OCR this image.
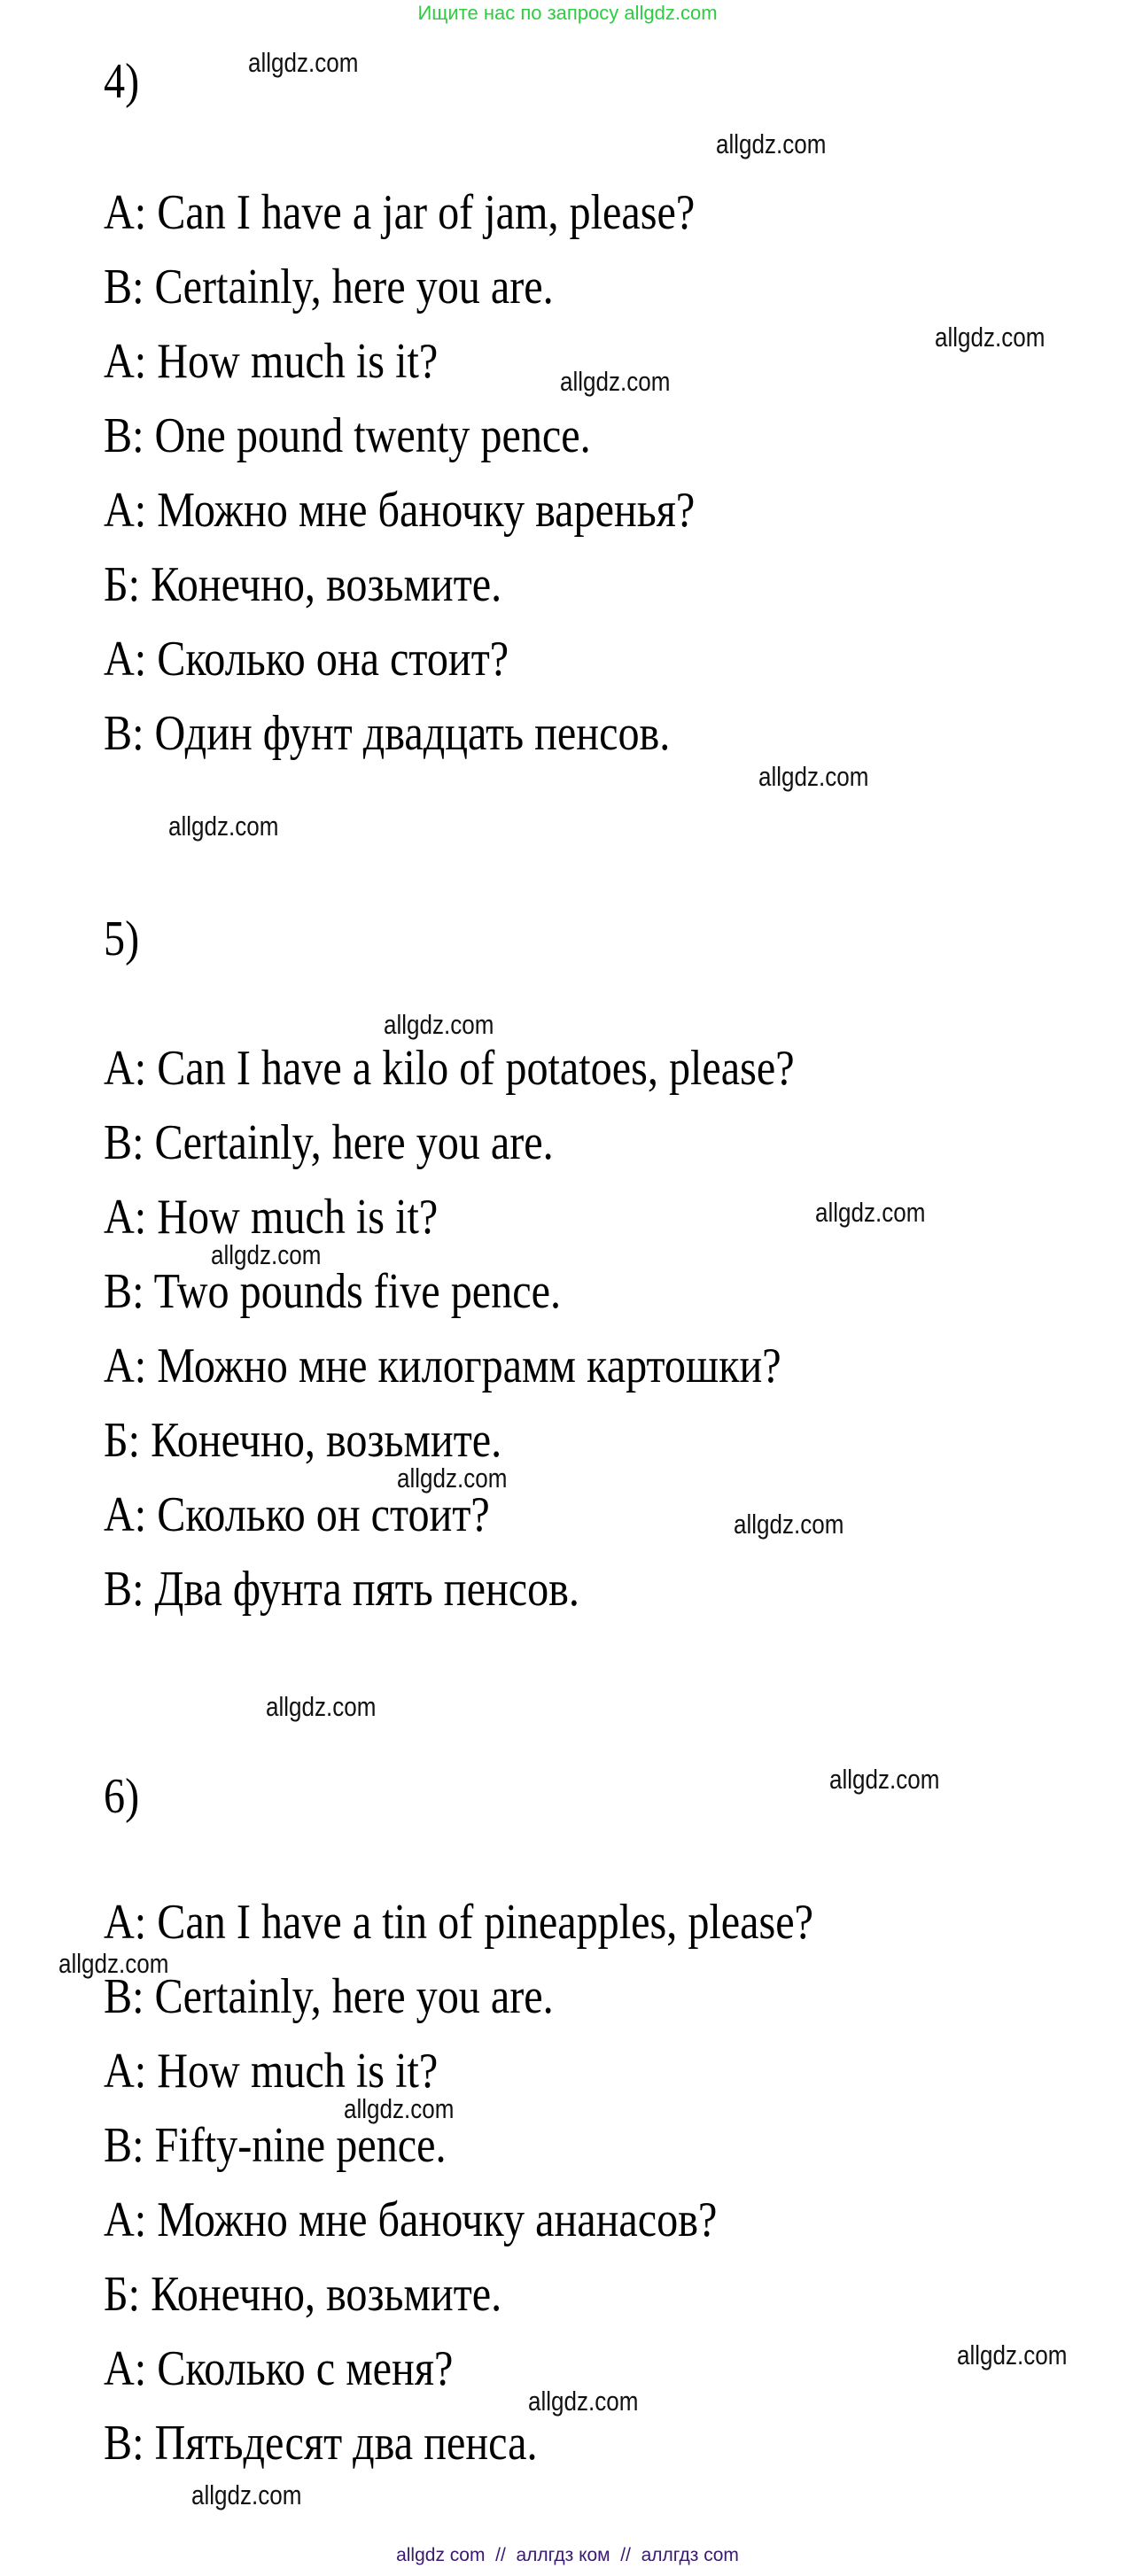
Ищите нас по запросу allgdz.com
4)
A: Can I have a jar of jam, please?
B: Certainly, here you are.
A: How much is it?
B: One pound twenty pence.
А: Можно мне баночку варенья?
Б: Конечно, возьмите.
А: Сколько она стоит?
В: Один фунт двадцать пенсов.
5)
A: Can I have a kilo of potatoes, please?
B: Certainly, here you are.
A: How much is it?
B: Two pounds five pence.
А: Можно мне килограмм картошки?
Б: Конечно, возьмите.
А: Сколько он стоит?
В: Два фунта пять пенсов.
6)
A: Can I have a tin of pineapples, please?
B: Certainly, here you are.
A: How much is it?
B: Fifty-nine pence.
А: Можно мне баночку ананасов?
Б: Конечно, возьмите.
А: Сколько с меня?
В: Пятьдесят два пенса.
allgdz.com
allgdz.com
allgdz.com
allgdz.com
allgdz.com
allgdz.com
allgdz.com
allgdz.com
allgdz.com
allgdz.com
allgdz.com
allgdz.com
allgdz.com
allgdz.com
allgdz.com
allgdz.com
allgdz.com
allgdz.com
allgdz com  //  аллгдз ком  //  аллгдз com
